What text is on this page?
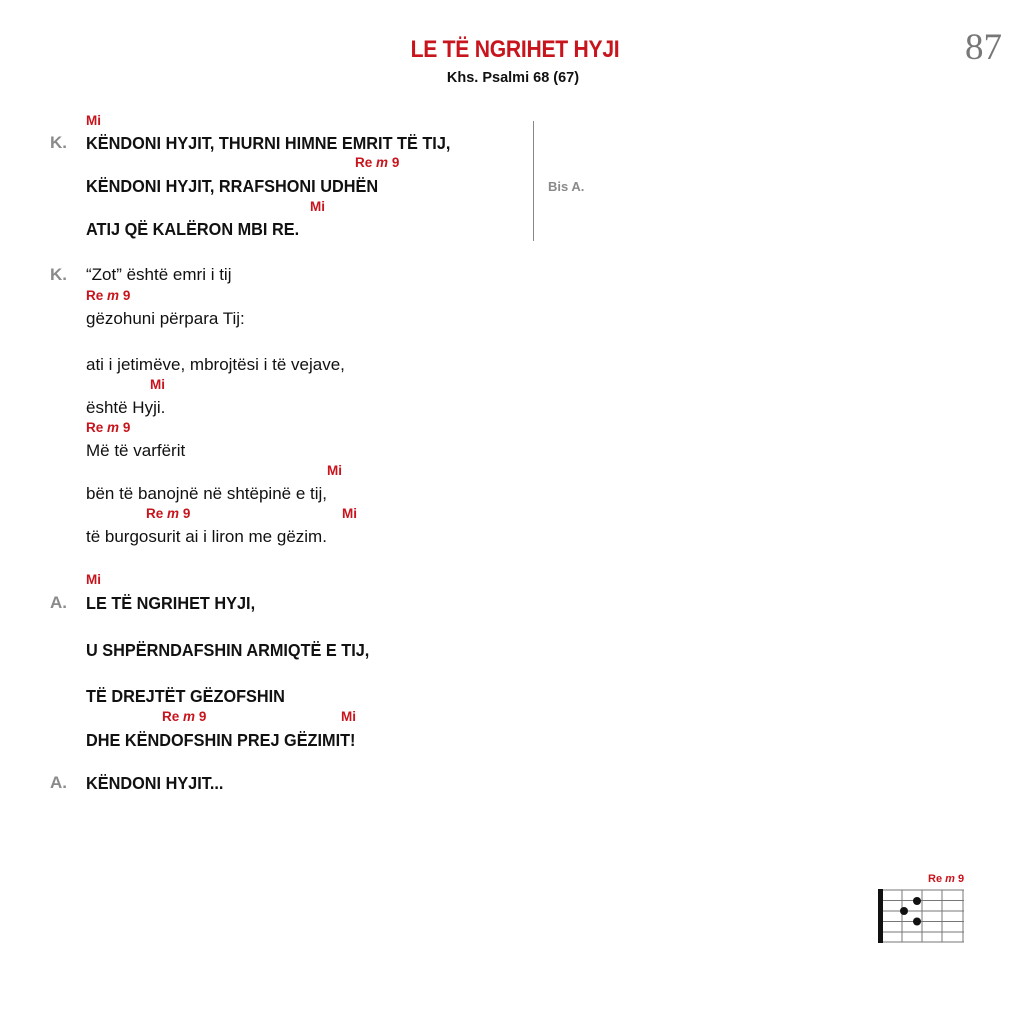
LE TË NGRIHET HYJI
Khs. Psalmi 68 (67)
87
Mi
K. KËNDONI HYJIT, THURNI HIMNE EMRIT TË TIJ,
Re m 9
KËNDONI HYJIT, RRAFSHONI UDHËN
Mi
ATIJ QË KALËRON MBI RE.
Bis A.
K. “Zot” është emri i tij
Re m 9
gëzohuni përpara Tij:
ati i jetimëve, mbrojtësi i të vejave,
Mi
është Hyji.
Re m 9
Më të varfërit
Mi
bën të banojnë në shtëpinë e tij,
Re m 9	Mi
të burgosurit ai i liron me gëzim.
Mi
A. LE TË NGRIHET HYJI,
U SHPËRNDAFSHIN ARMIQTË E TIJ,
TË DREJTËT GËZOFSHIN
Re m 9	Mi
DHE KËNDOFSHIN PREJ GËZIMIT!
A. KËNDONI HYJIT...
Re m 9
